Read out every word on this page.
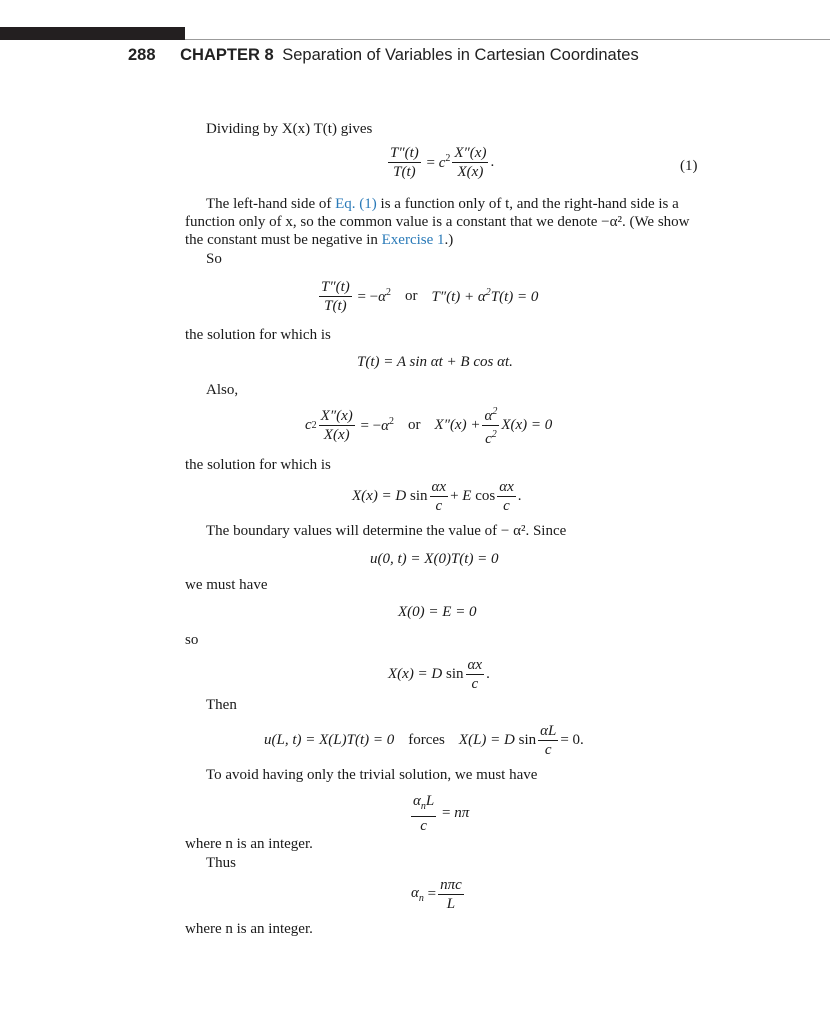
288 CHAPTER 8 Separation of Variables in Cartesian Coordinates
Dividing by X(x) T(t) gives
$\frac{T''(t)}{T(t)} = c^2 \frac{X''(x)}{X(x)}$ .	(1)
The left-hand side of Eq. (1) is a function only of t, and the right-hand side is a
function only of x, so the common value is a constant that we denote −α². (We show
the constant must be negative in Exercise 1.)
So
$\frac{T''(t)}{T(t)} = -\alpha^2$ or $T''(t) + \alpha^2T(t) = 0$
the solution for which is
T(t) = A sin αt + B cos αt.
Also,
c $2 \frac{X''(x)}{X(x)} = -\alpha^2$ or $X''(x) + \frac{\alpha^2}{c^2} X(x) = 0$
the solution for which is
X(x) = D $\sin \frac{\alpha x}{c} + E$ $\cos \frac{\alpha x}{c}$ .
The boundary values will determine the value of − α². Since
u(0, t) = X(0)T(t) = 0
we must have
X(0) = E = 0
so
X(x) = D $\sin \frac{\alpha x}{c}$ .
Then
u(L, t) = X(L)T(t) = 0 forces X(L) = D $\sin \frac{\alpha L}{c} = 0$.
To avoid having only the trivial solution, we must have
$\frac{\alpha_nL}{c} = n\pi$
where n is an integer.
Thus
$\alpha_n = \frac{\text{nπc}}{L}$
where n is an integer.
